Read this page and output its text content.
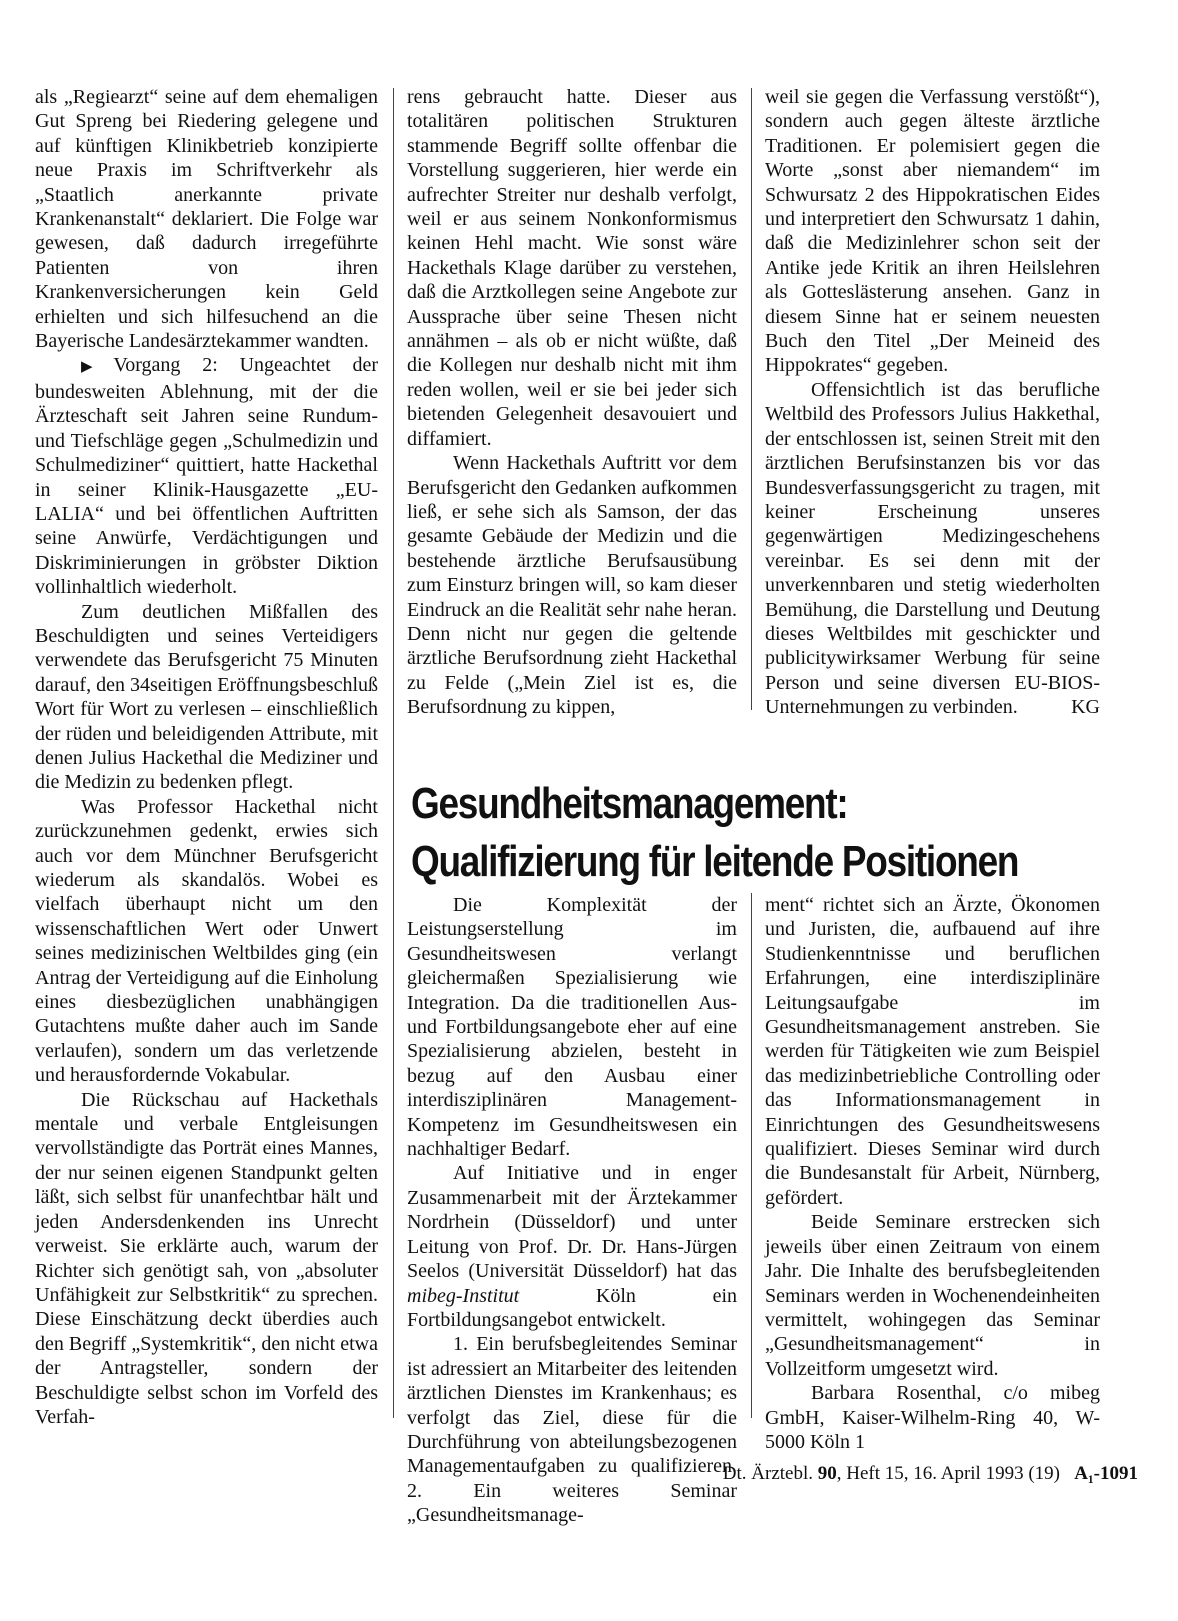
als „Regiearzt“ seine auf dem ehemaligen Gut Spreng bei Riedering gelegene und auf künftigen Klinikbetrieb konzipierte neue Praxis im Schriftverkehr als „Staatlich anerkannte private Krankenanstalt“ deklariert. Die Folge war gewesen, daß dadurch irregeführte Patienten von ihren Krankenversicherungen kein Geld erhielten und sich hilfesuchend an die Bayerische Landesärztekammer wandten.

▶ Vorgang 2: Ungeachtet der bundesweiten Ablehnung, mit der die Ärzteschaft seit Jahren seine Rundum- und Tiefschläge gegen „Schulmedizin und Schulmediziner“ quittiert, hatte Hackethal in seiner Klinik-Hausgazette „EU-LALIA“ und bei öffentlichen Auftritten seine Anwürfe, Verdächtigungen und Diskriminierungen in gröbster Diktion vollinhaltlich wiederholt.

Zum deutlichen Mißfallen des Beschuldigten und seines Verteidigers verwendete das Berufsgericht 75 Minuten darauf, den 34seitigen Eröffnungsbeschluß Wort für Wort zu verlesen – einschließlich der rüden und beleidigenden Attribute, mit denen Julius Hackethal die Mediziner und die Medizin zu bedenken pflegt.

Was Professor Hackethal nicht zurückzunehmen gedenkt, erwies sich auch vor dem Münchner Berufsgericht wiederum als skandalös. Wobei es vielfach überhaupt nicht um den wissenschaftlichen Wert oder Unwert seines medizinischen Weltbildes ging (ein Antrag der Verteidigung auf die Einholung eines diesbezüglichen unabhängigen Gutachtens mußte daher auch im Sande verlaufen), sondern um das verletzende und herausfordernde Vokabular.

Die Rückschau auf Hackethals mentale und verbale Entgleisungen vervollständigte das Porträt eines Mannes, der nur seinen eigenen Standpunkt gelten läßt, sich selbst für unanfechtbar hält und jeden Andersdenkenden ins Unrecht verweist. Sie erklärte auch, warum der Richter sich genötigt sah, von „absoluter Unfähigkeit zur Selbstkritik“ zu sprechen. Diese Einschätzung deckt überdies auch den Begriff „Systemkritik“, den nicht etwa der Antragsteller, sondern der Beschuldigte selbst schon im Vorfeld des Verfah-

rens gebraucht hatte. Dieser aus totalitären politischen Strukturen stammende Begriff sollte offenbar die Vorstellung suggerieren, hier werde ein aufrechter Streiter nur deshalb verfolgt, weil er aus seinem Nonkonformismus keinen Hehl macht. Wie sonst wäre Hackethals Klage darüber zu verstehen, daß die Arztkollegen seine Angebote zur Aussprache über seine Thesen nicht annähmen – als ob er nicht wüßte, daß die Kollegen nur deshalb nicht mit ihm reden wollen, weil er sie bei jeder sich bietenden Gelegenheit desavouiert und diffamiert.

Wenn Hackethals Auftritt vor dem Berufsgericht den Gedanken aufkommen ließ, er sehe sich als Samson, der das gesamte Gebäude der Medizin und die bestehende ärztliche Berufsausübung zum Einsturz bringen will, so kam dieser Eindruck an die Realität sehr nahe heran. Denn nicht nur gegen die geltende ärztliche Berufsordnung zieht Hackethal zu Felde („Mein Ziel ist es, die Berufsordnung zu kippen,

weil sie gegen die Verfassung verstößt“), sondern auch gegen älteste ärztliche Traditionen. Er polemisiert gegen die Worte „sonst aber niemandem“ im Schwursatz 2 des Hippokratischen Eides und interpretiert den Schwursatz 1 dahin, daß die Medizinlehrer schon seit der Antike jede Kritik an ihren Heilslehren als Gotteslästerung ansehen. Ganz in diesem Sinne hat er seinem neuesten Buch den Titel „Der Meineid des Hippokrates“ gegeben.

Offensichtlich ist das berufliche Weltbild des Professors Julius Hakkethal, der entschlossen ist, seinen Streit mit den ärztlichen Berufsinstanzen bis vor das Bundesverfassungsgericht zu tragen, mit keiner Erscheinung unseres gegenwärtigen Medizingeschehens vereinbar. Es sei denn mit der unverkennbaren und stetig wiederholten Bemühung, die Darstellung und Deutung dieses Weltbildes mit geschickter und publicitywirksamer Werbung für seine Person und seine diversen EU-BIOS-Unternehmungen zu verbinden.	KG

Gesundheitsmanagement:
Qualifizierung für leitende Positionen

Die Komplexität der Leistungserstellung im Gesundheitswesen verlangt gleichermaßen Spezialisierung wie Integration. Da die traditionellen Aus- und Fortbildungsangebote eher auf eine Spezialisierung abzielen, besteht in bezug auf den Ausbau einer interdisziplinären Management-Kompetenz im Gesundheitswesen ein nachhaltiger Bedarf.

Auf Initiative und in enger Zusammenarbeit mit der Ärztekammer Nordrhein (Düsseldorf) und unter Leitung von Prof. Dr. Dr. Hans-Jürgen Seelos (Universität Düsseldorf) hat das mibeg-Institut	Köln ein Fortbildungsangebot entwickelt.

1. Ein berufsbegleitendes Seminar ist adressiert an Mitarbeiter des leitenden ärztlichen Dienstes im Krankenhaus; es verfolgt das Ziel, diese für die Durchführung von abteilungsbezogenen Managementaufgaben zu qualifizieren. 2. Ein weiteres Seminar „Gesundheitsmanage-

ment“ richtet sich an Ärzte, Ökonomen und Juristen, die, aufbauend auf ihre Studienkenntnisse und beruflichen Erfahrungen, eine interdisziplinäre Leitungsaufgabe im Gesundheitsmanagement anstreben. Sie werden für Tätigkeiten wie zum Beispiel das medizinbetriebliche Controlling oder das Informationsmanagement in Einrichtungen des Gesundheitswesens qualifiziert. Dieses Seminar wird durch die Bundesanstalt für Arbeit, Nürnberg, gefördert.

Beide Seminare erstrecken sich jeweils über einen Zeitraum von einem Jahr. Die Inhalte des berufsbegleitenden Seminars werden in Wochenendeinheiten vermittelt, wohingegen das Seminar „Gesundheitsmanagement“ in Vollzeitform umgesetzt wird.

Barbara Rosenthal, c/o mibeg GmbH, Kaiser-Wilhelm-Ring 40, W-5000 Köln 1

Dt. Ärztebl. 90, Heft 15, 16. April 1993 (19) A₁-1091
